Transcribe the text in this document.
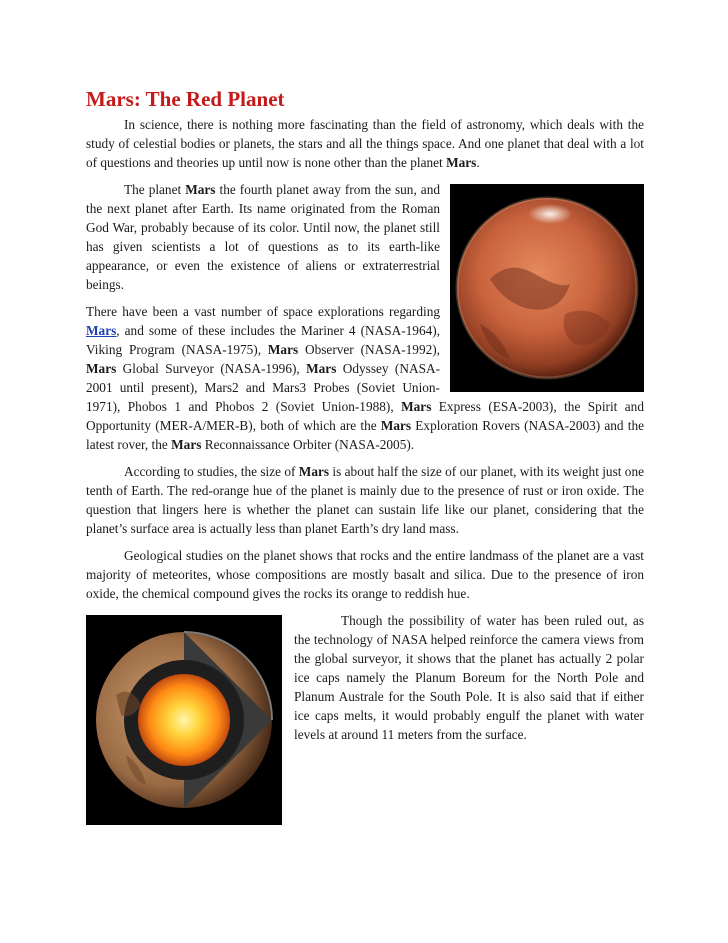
Mars: The Red Planet

In science, there is nothing more fascinating than the field of astronomy, which deals with the study of celestial bodies or planets, the stars and all the things space. And one planet that deal with a lot of questions and theories up until now is none other than the planet Mars.

The planet Mars the fourth planet away from the sun, and the next planet after Earth. Its name originated from the Roman God War, probably because of its color. Until now, the planet still has given scientists a lot of questions as to its earth-like appearance, or even the existence of aliens or extraterrestrial beings.

There have been a vast number of space explorations regarding Mars, and some of these includes the Mariner 4 (NASA-1964), Viking Program (NASA-1975), Mars Observer (NASA-1992), Mars Global Surveyor (NASA-1996), Mars Odyssey (NASA-2001 until present), Mars2 and Mars3 Probes (Soviet Union-1971), Phobos 1 and Phobos 2 (Soviet Union-1988), Mars Express (ESA-2003), the Spirit and Opportunity (MER-A/MER-B), both of which are the Mars Exploration Rovers (NASA-2003) and the latest rover, the Mars Reconnaissance Orbiter (NASA-2005).

According to studies, the size of Mars is about half the size of our planet, with its weight just one tenth of Earth. The red-orange hue of the planet is mainly due to the presence of rust or iron oxide. The question that lingers here is whether the planet can sustain life like our planet, considering that the planet’s surface area is actually less than planet Earth’s dry land mass.

Geological studies on the planet shows that rocks and the entire landmass of the planet are a vast majority of meteorites, whose compositions are mostly basalt and silica. Due to the presence of iron oxide, the chemical compound gives the rocks its orange to reddish hue.

Though the possibility of water has been ruled out, as the technology of NASA helped reinforce the camera views from the global surveyor, it shows that the planet has actually 2 polar ice caps namely the Planum Boreum for the North Pole and Planum Australe for the South Pole. It is also said that if either ice caps melts, it would probably engulf the planet with water levels at around 11 meters from the surface.
